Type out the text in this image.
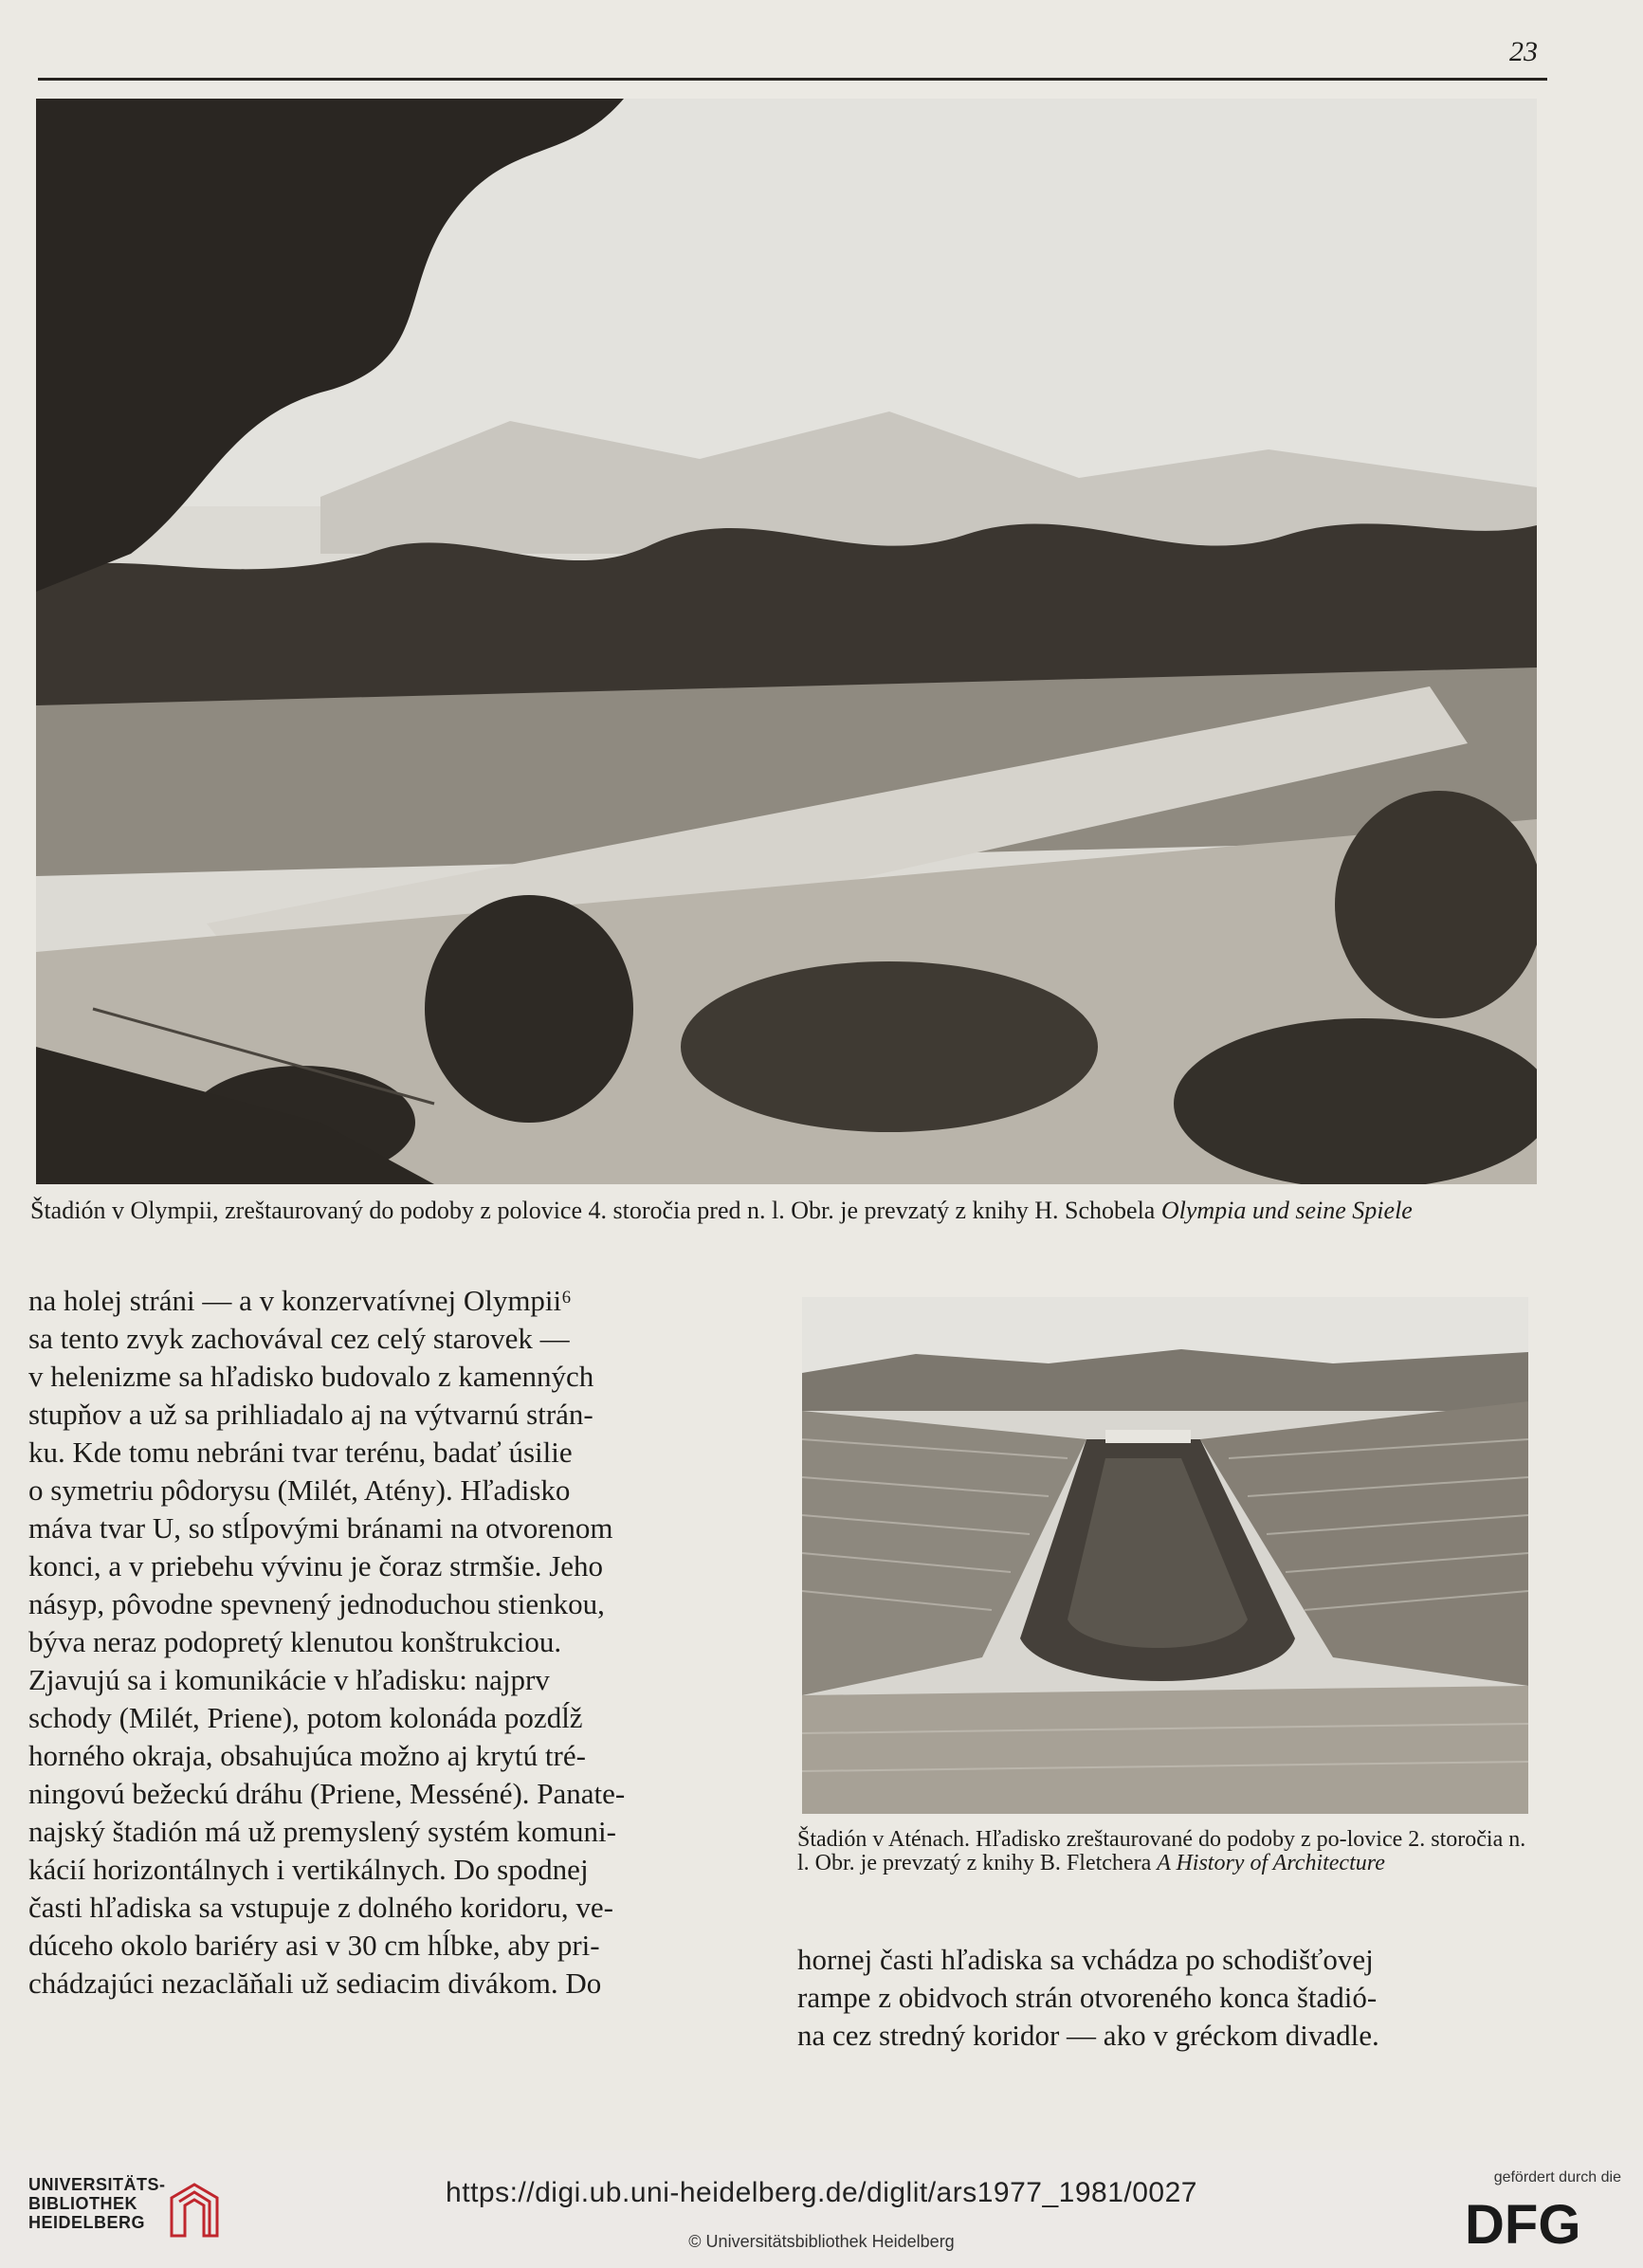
23
Štadión v Olympii, zreštaurovaný do podoby z polovice 4. storočia pred n. l. Obr. je prevzatý z knihy H. Schobela Olympia und seine Spiele

na holej stráni — a v konzervatívnej Olympii⁶

sa tento zvyk zachovával cez celý starovek —

v helenizme sa hľadisko budovalo z kamenných

stupňov a už sa prihliadalo aj na výtvarnú strán-

ku. Kde tomu nebráni tvar terénu, badať úsilie

o symetriu pôdorysu (Milét, Atény). Hľadisko

máva tvar U, so stĺpovými bránami na otvorenom

konci, a v priebehu vývinu je čoraz strmšie. Jeho

násyp, pôvodne spevnený jednoduchou stienkou,

býva neraz podopretý klenutou konštrukciou.

Zjavujú sa i komunikácie v hľadisku: najprv

schody (Milét, Priene), potom kolonáda pozdĺž

horného okraja, obsahujúca možno aj krytú tré-

ningovú bežeckú dráhu (Priene, Messéné). Panate-

najský štadión má už premyslený systém komuni-

kácií horizontálnych i vertikálnych. Do spodnej

časti hľadiska sa vstupuje z dolného koridoru, ve-

dúceho okolo bariéry asi v 30 cm hĺbke, aby pri-

chádzajúci nezaclăňali už sediacim divákom. Do

Štadión v Aténach. Hľadisko zreštaurované do podoby z po-lovice 2. storočia n. l. Obr. je prevzatý z knihy B. Fletchera A History of Architecture

hornej časti hľadiska sa vchádza po schodišťovej

rampe z obidvoch strán otvoreného konca štadió-

na cez stredný koridor — ako v gréckom divadle.

UNIVERSITÄTS-
BIBLIOTHEK
HEIDELBERG
https://digi.ub.uni-heidelberg.de/diglit/ars1977_1981/0027
© Universitätsbibliothek Heidelberg
gefördert durch die
DFG
